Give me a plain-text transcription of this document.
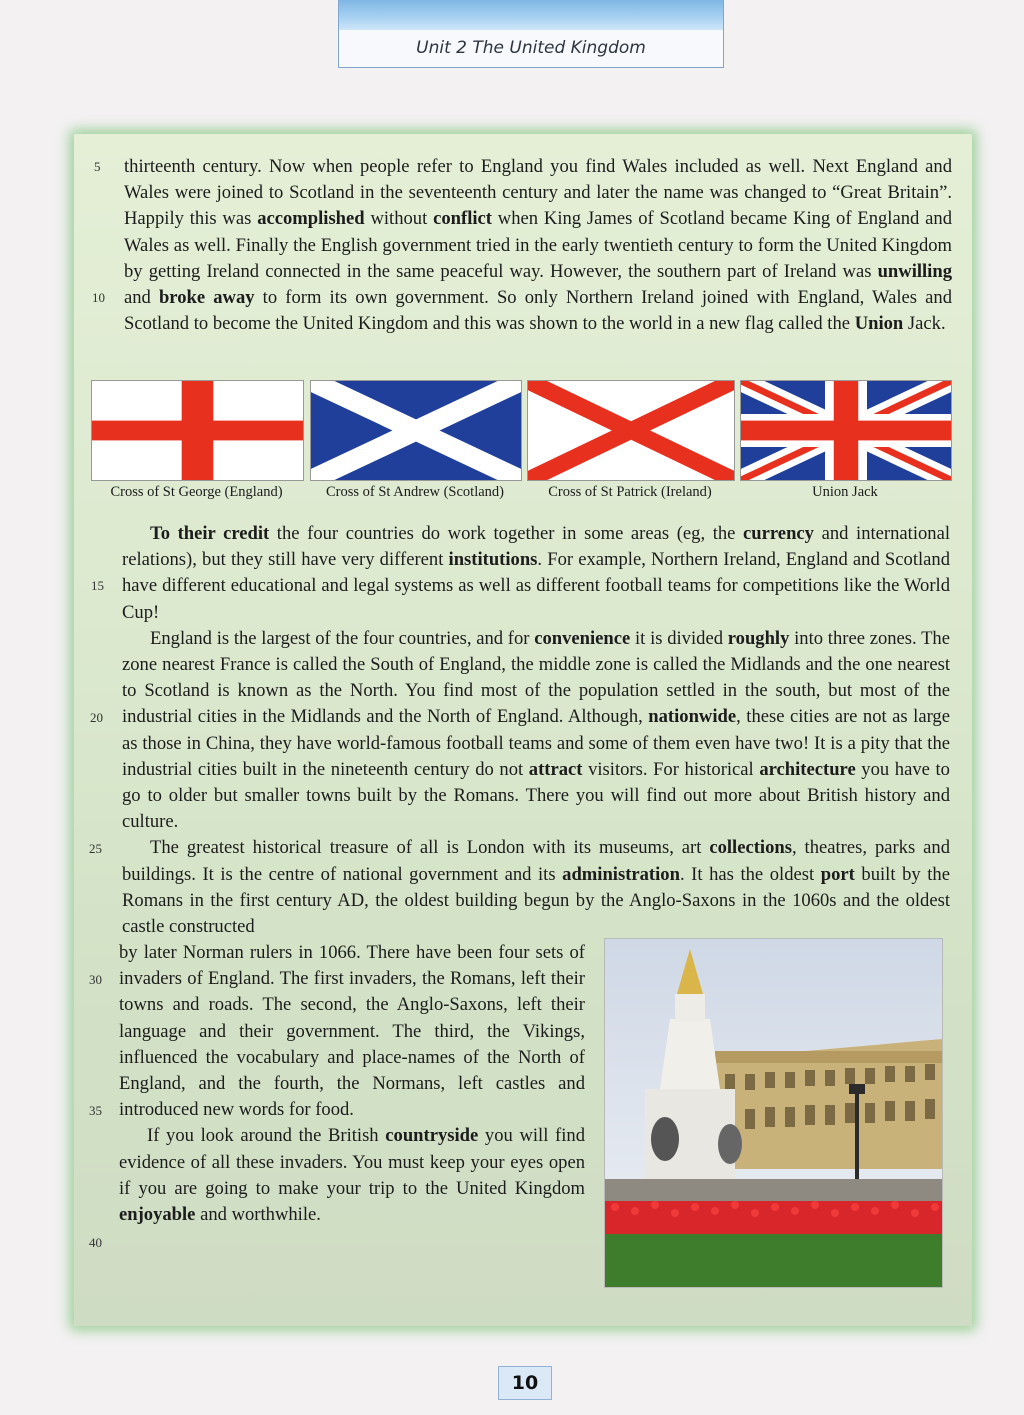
Unit 2 The United Kingdom
5
10
15
20
25
30
35
40

thirteenth century. Now when people refer to England you find Wales included as well. Next England and Wales were joined to Scotland in the seventeenth century and later the name was changed to “Great Britain”. Happily this was accomplished without conflict when King James of Scotland became King of England and Wales as well. Finally the English government tried in the early twentieth century to form the United Kingdom by getting Ireland connected in the same peaceful way. However, the southern part of Ireland was unwilling and broke away to form its own government. So only Northern Ireland joined with England, Wales and Scotland to become the United Kingdom and this was shown to the world in a new flag called the Union Jack.

Cross of St George (England)	Cross of St Andrew (Scotland)	Cross of St Patrick (Ireland)	Union Jack

To their credit the four countries do work together in some areas (eg, the currency and international relations), but they still have very different institutions. For example, Northern Ireland, England and Scotland have different educational and legal systems as well as different football teams for competitions like the World Cup!

England is the largest of the four countries, and for convenience it is divided roughly into three zones. The zone nearest France is called the South of England, the middle zone is called the Midlands and the one nearest to Scotland is known as the North. You find most of the population settled in the south, but most of the industrial cities in the Midlands and the North of England. Although, nationwide, these cities are not as large as those in China, they have world-famous football teams and some of them even have two! It is a pity that the industrial cities built in the nineteenth century do not attract visitors. For historical architecture you have to go to older but smaller towns built by the Romans. There you will find out more about British history and culture.

The greatest historical treasure of all is London with its museums, art collections, theatres, parks and buildings. It is the centre of national government and its administration. It has the oldest port built by the Romans in the first century AD, the oldest building begun by the Anglo-Saxons in the 1060s and the oldest castle constructed

by later Norman rulers in 1066. There have been four sets of invaders of England. The first invaders, the Romans, left their towns and roads. The second, the Anglo-Saxons, left their language and their government. The third, the Vikings, influenced the vocabulary and place-names of the North of England, and the fourth, the Normans, left castles and introduced new words for food.

If you look around the British countryside you will find evidence of all these invaders. You must keep your eyes open if you are going to make your trip to the United Kingdom enjoyable and worthwhile.

10
